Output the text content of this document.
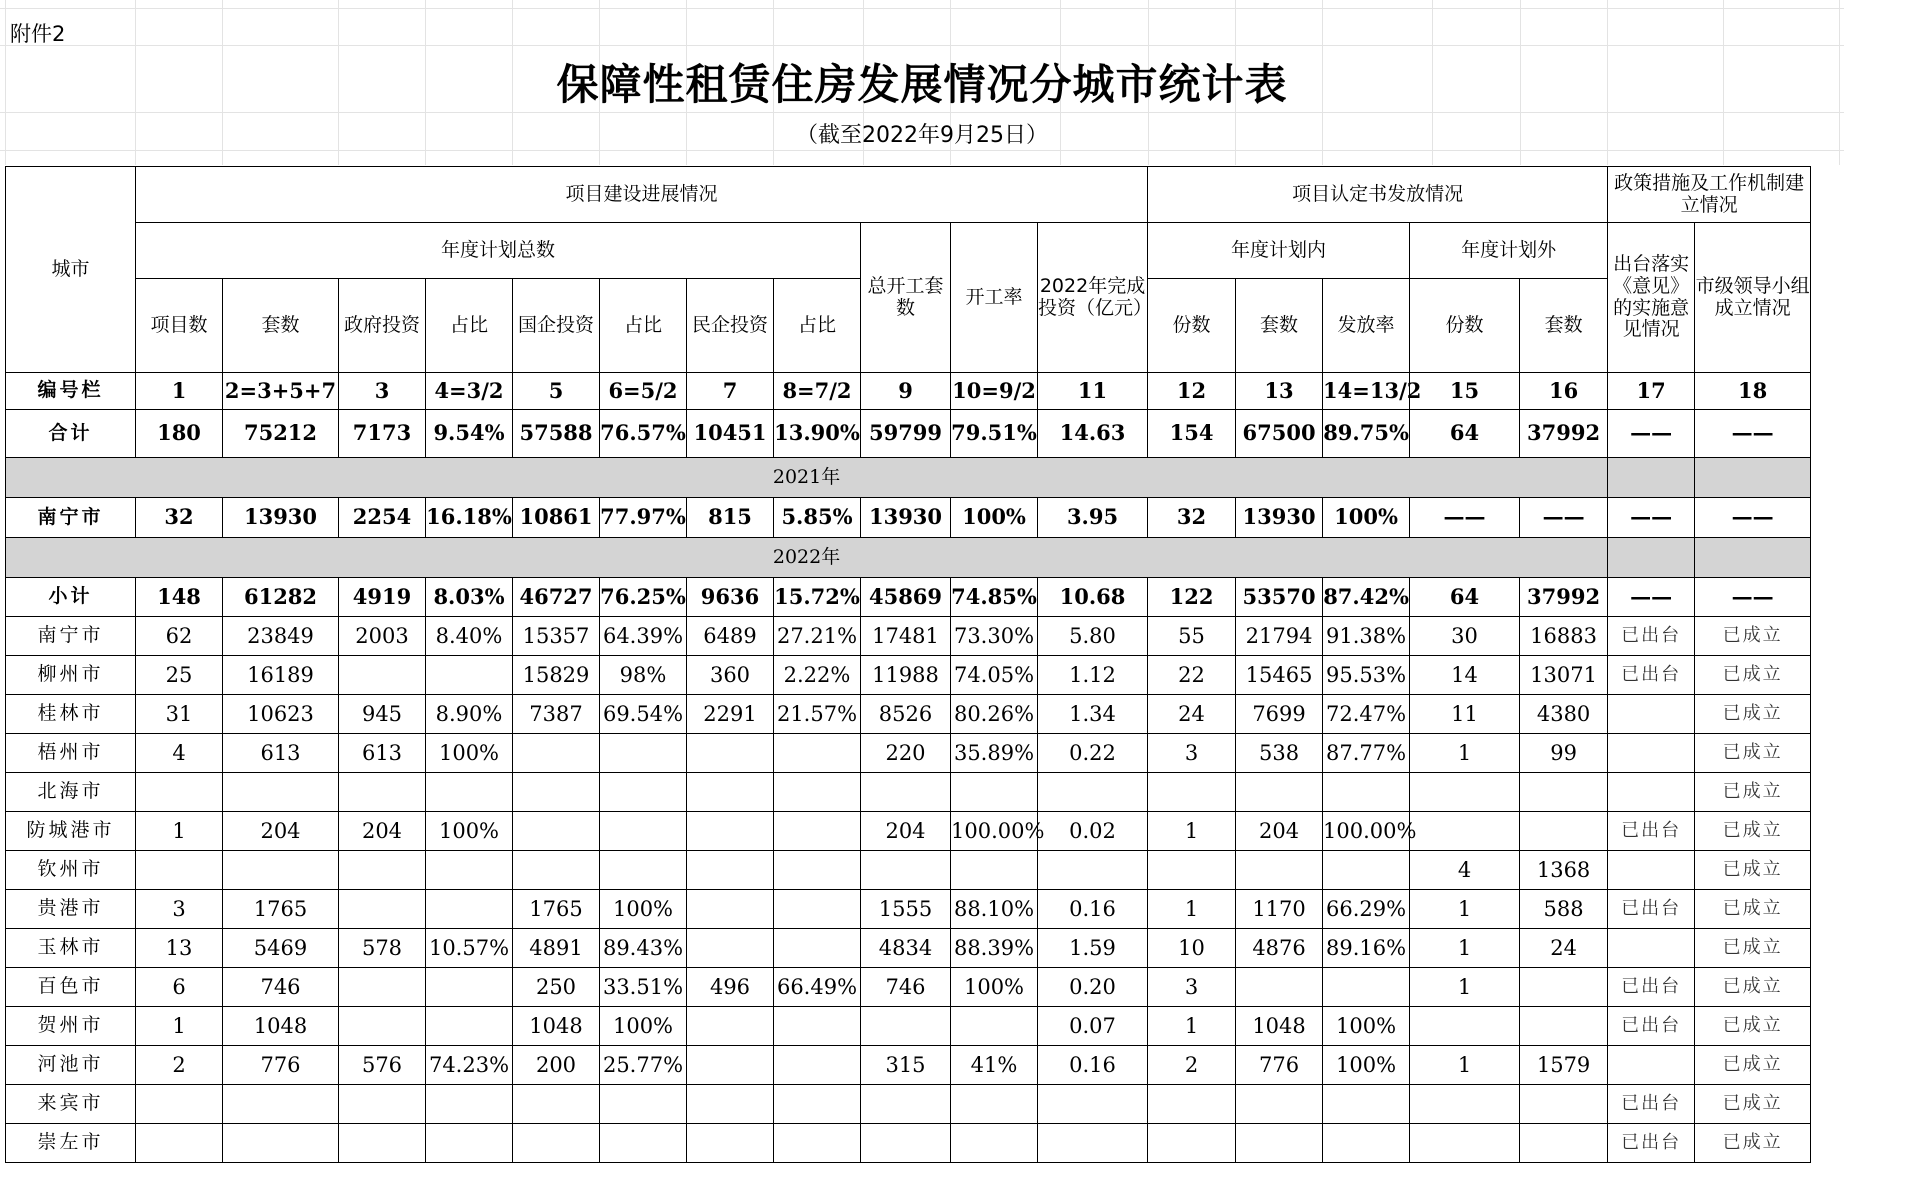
附件2
保障性租赁住房发展情况分城市统计表
（截至2022年9月25日）
城市	项目建设进展情况											项目认定书发放情况					政策措施及工作机制建立情况	
	年度计划总数								总开工套数	开工率	2022年完成投资（亿元）	年度计划内			年度计划外		出台落实《意见》的实施意见情况	市级领导小组成立情况
	项目数	套数	政府投资	占比	国企投资	占比	民企投资	占比				份数	套数	发放率	份数	套数		
编号栏	1	2=3+5+7	3	4=3/2	5	6=5/2	7	8=7/2	9	10=9/2	11	12	13	14=13/2	15	16	17	18
合计	180	75212	7173	9.54%	57588	76.57%	10451	13.90%	59799	79.51%	14.63	154	67500	89.75%	64	37992	——	——
2021年																		
南宁市	32	13930	2254	16.18%	10861	77.97%	815	5.85%	13930	100%	3.95	32	13930	100%	——	——	——	——
2022年																		
小计	148	61282	4919	8.03%	46727	76.25%	9636	15.72%	45869	74.85%	10.68	122	53570	87.42%	64	37992	——	——
南宁市	62	23849	2003	8.40%	15357	64.39%	6489	27.21%	17481	73.30%	5.80	55	21794	91.38%	30	16883	已出台	已成立
柳州市	25	16189			15829	98%	360	2.22%	11988	74.05%	1.12	22	15465	95.53%	14	13071	已出台	已成立
桂林市	31	10623	945	8.90%	7387	69.54%	2291	21.57%	8526	80.26%	1.34	24	7699	72.47%	11	4380		已成立
梧州市	4	613	613	100%					220	35.89%	0.22	3	538	87.77%	1	99		已成立
北海市																		已成立
防城港市	1	204	204	100%					204	100.00%	0.02	1	204	100.00%			已出台	已成立
钦州市															4	1368		已成立
贵港市	3	1765			1765	100%			1555	88.10%	0.16	1	1170	66.29%	1	588	已出台	已成立
玉林市	13	5469	578	10.57%	4891	89.43%			4834	88.39%	1.59	10	4876	89.16%	1	24		已成立
百色市	6	746			250	33.51%	496	66.49%	746	100%	0.20	3			1		已出台	已成立
贺州市	1	1048			1048	100%					0.07	1	1048	100%			已出台	已成立
河池市	2	776	576	74.23%	200	25.77%			315	41%	0.16	2	776	100%	1	1579		已成立
来宾市																	已出台	已成立
崇左市																	已出台	已成立
